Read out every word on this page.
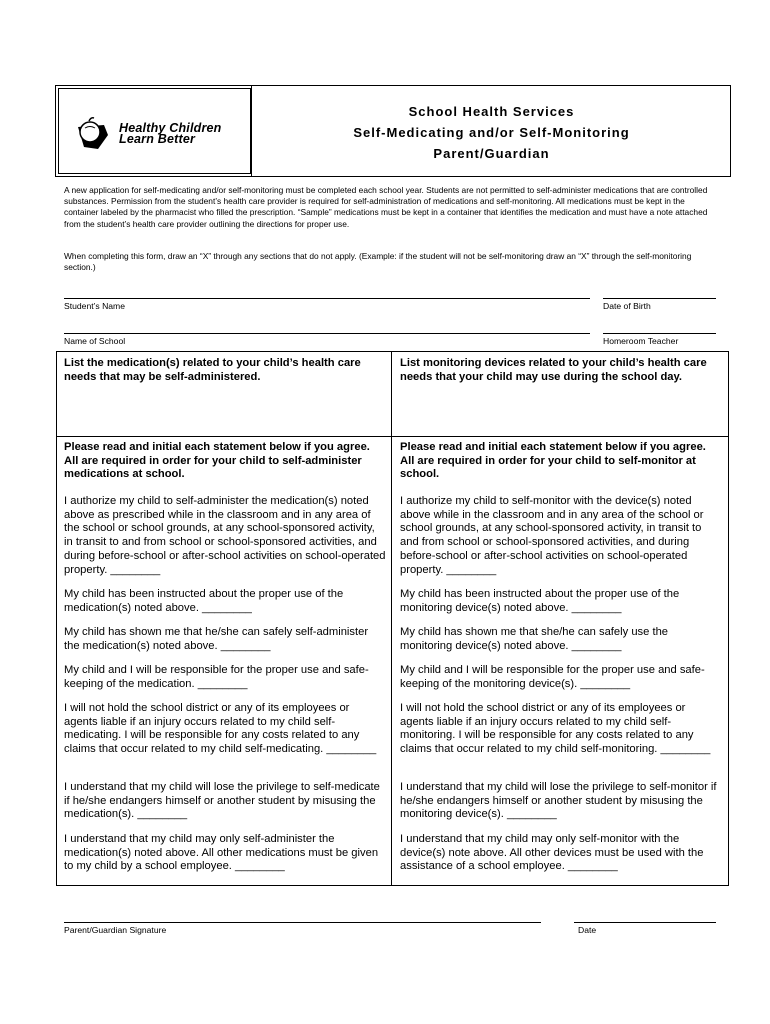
Healthy Children
Learn Better
School Health Services
Self-Medicating and/or Self-Monitoring
Parent/Guardian
A new application for self-medicating and/or self-monitoring must be completed each school year. Students are not permitted to self-administer medications that are controlled substances. Permission from the student’s health care provider is required for self-administration of medications and self-monitoring. All medications must be kept in the container labeled by the pharmacist who filled the prescription. “Sample” medications must be kept in a container that identifies the medication and must have a note attached from the student’s health care provider outlining the directions for proper use.
When completing this form, draw an “X” through any sections that do not apply. (Example: if the student will not be self-monitoring draw an “X” through the self-monitoring section.)
Student’s Name	Date of Birth
Name of School	Homeroom Teacher
List the medication(s) related to your child’s health care needs that may be self-administered.
Please read and initial each statement below if you agree. All are required in order for your child to self-administer medications at school.
I authorize my child to self-administer the medication(s) noted above as prescribed while in the classroom and in any area of the school or school grounds, at any school-sponsored activity, in transit to and from school or school-sponsored activities, and during before-school or after-school activities on school-operated property. ________
My child has been instructed about the proper use of the medication(s) noted above. ________
My child has shown me that he/she can safely self-administer the medication(s) noted above. ________
My child and I will be responsible for the proper use and safe-keeping of the medication. ________
I will not hold the school district or any of its employees or agents liable if an injury occurs related to my child self-medicating. I will be responsible for any costs related to any claims that occur related to my child self-medicating. ________
I understand that my child will lose the privilege to self-medicate if he/she endangers himself or another student by misusing the medication(s). ________
I understand that my child may only self-administer the medication(s) noted above. All other medications must be given to my child by a school employee. ________
List monitoring devices related to your child’s health care needs that your child may use during the school day.
Please read and initial each statement below if you agree. All are required in order for your child to self-monitor at school.
I authorize my child to self-monitor with the device(s) noted above while in the classroom and in any area of the school or school grounds, at any school-sponsored activity, in transit to and from school or school-sponsored activities, and during before-school or after-school activities on school-operated property. ________
My child has been instructed about the proper use of the monitoring device(s) noted above. ________
My child has shown me that she/he can safely use the monitoring device(s) noted above. ________
My child and I will be responsible for the proper use and safe-keeping of the monitoring device(s). ________
I will not hold the school district or any of its employees or agents liable if an injury occurs related to my child self-monitoring. I will be responsible for any costs related to any claims that occur related to my child self-monitoring. ________
I understand that my child will lose the privilege to self-monitor if he/she endangers himself or another student by misusing the monitoring device(s). ________
I understand that my child may only self-monitor with the device(s) note above. All other devices must be used with the assistance of a school employee. ________
Parent/Guardian Signature	Date
